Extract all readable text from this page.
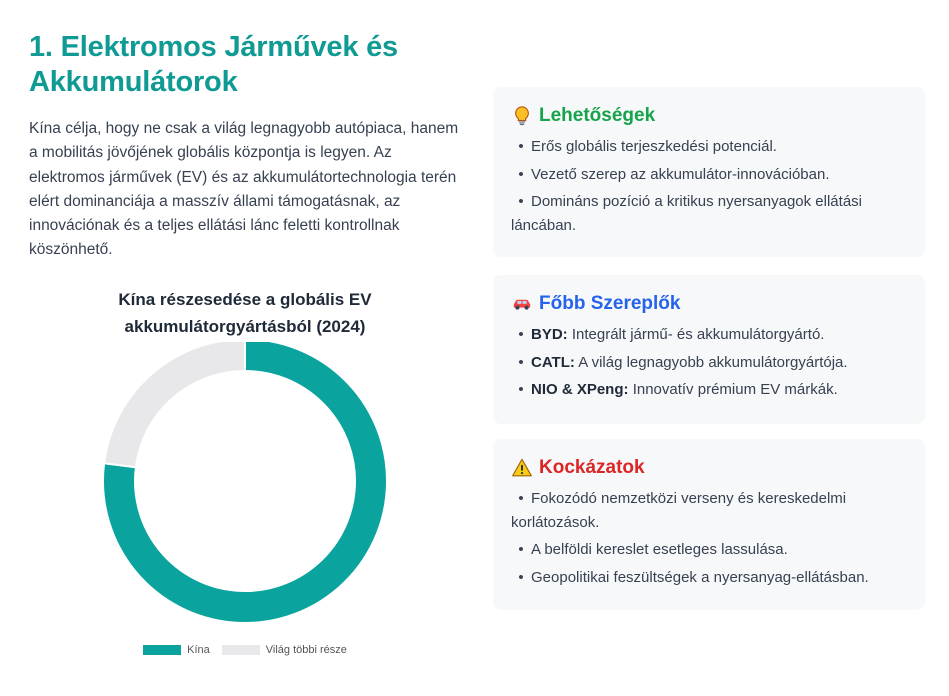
1. Elektromos Járművek és Akkumulátorok

Kína célja, hogy ne csak a világ legnagyobb autópiaca, hanem a mobilitás jövőjének globális központja is legyen. Az elektromos járművek (EV) és az akkumulátortechnologia terén elért dominanciája a masszív állami támogatásnak, az innovációnak és a teljes ellátási lánc feletti kontrollnak köszönhető.

Kína részesedése a globális EV akkumulátorgyártásból (2024)
Kína	Világ többi része
Lehetőségek
• Erős globális terjeszkedési potenciál.
• Vezető szerep az akkumulátor-innovációban.
• Domináns pozíció a kritikus nyersanyagok ellátási láncában.
Főbb Szereplők
• BYD: Integrált jármű- és akkumulátorgyártó.
• CATL: A világ legnagyobb akkumulátorgyártója.
• NIO & XPeng: Innovatív prémium EV márkák.
Kockázatok
• Fokozódó nemzetközi verseny és kereskedelmi korlátozások.
• A belföldi kereslet esetleges lassulása.
• Geopolitikai feszültségek a nyersanyag-ellátásban.
